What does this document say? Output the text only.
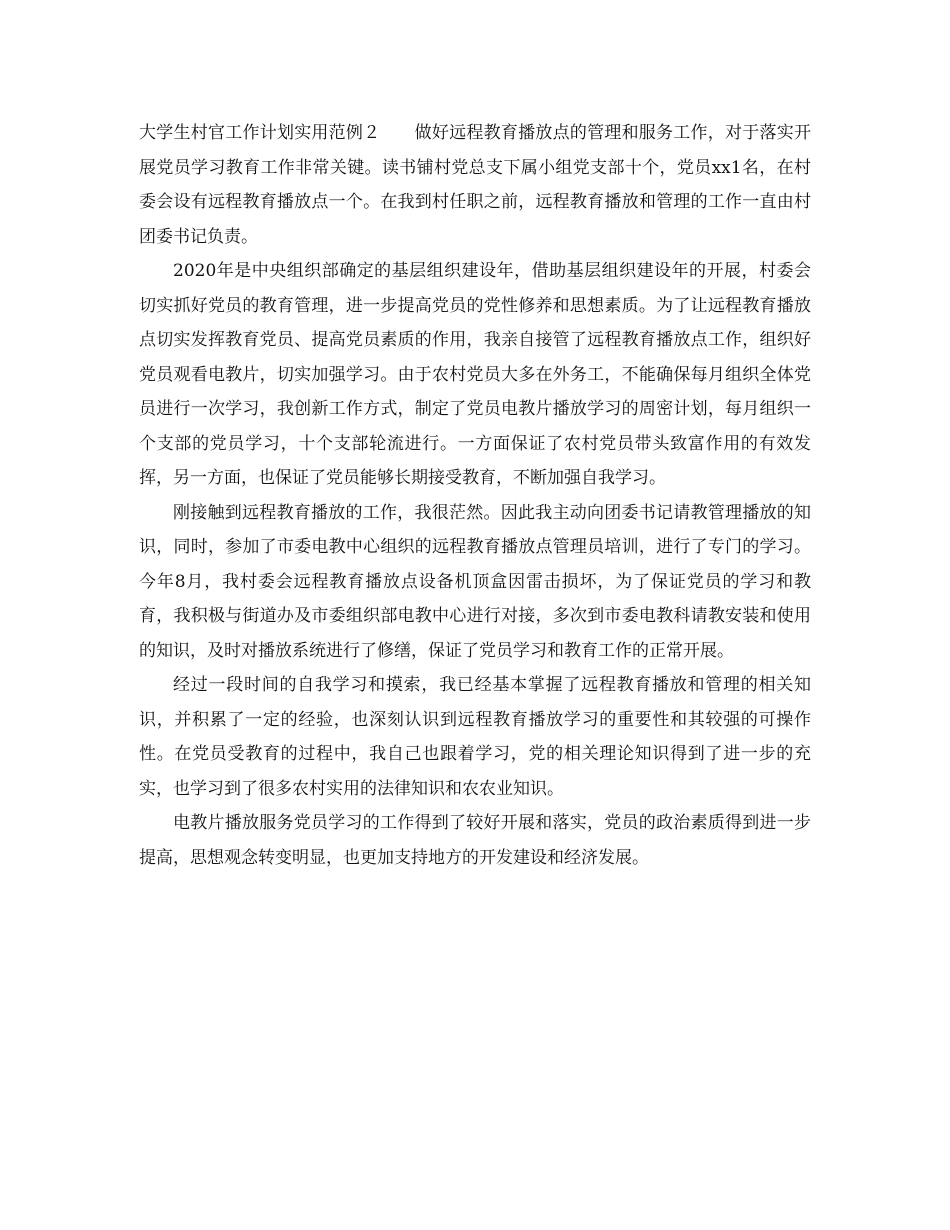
大学生村官工作计划实用范例２ 做好远程教育播放点的管理和服务工作，对于落实开展党员学习教育工作非常关键。读书铺村党总支下属小组党支部十个，党员xx1名，在村委会设有远程教育播放点一个。在我到村任职之前，远程教育播放和管理的工作一直由村团委书记负责。

2020年是中央组织部确定的基层组织建设年，借助基层组织建设年的开展，村委会切实抓好党员的教育管理，进一步提高党员的党性修养和思想素质。为了让远程教育播放点切实发挥教育党员、提高党员素质的作用，我亲自接管了远程教育播放点工作，组织好党员观看电教片，切实加强学习。由于农村党员大多在外务工，不能确保每月组织全体党员进行一次学习，我创新工作方式，制定了党员电教片播放学习的周密计划，每月组织一个支部的党员学习，十个支部轮流进行。一方面保证了农村党员带头致富作用的有效发挥，另一方面，也保证了党员能够长期接受教育，不断加强自我学习。

刚接触到远程教育播放的工作，我很茫然。因此我主动向团委书记请教管理播放的知识，同时，参加了市委电教中心组织的远程教育播放点管理员培训，进行了专门的学习。今年8月，我村委会远程教育播放点设备机顶盒因雷击损坏，为了保证党员的学习和教育，我积极与街道办及市委组织部电教中心进行对接，多次到市委电教科请教安装和使用的知识，及时对播放系统进行了修缮，保证了党员学习和教育工作的正常开展。

经过一段时间的自我学习和摸索，我已经基本掌握了远程教育播放和管理的相关知识，并积累了一定的经验，也深刻认识到远程教育播放学习的重要性和其较强的可操作性。在党员受教育的过程中，我自己也跟着学习，党的相关理论知识得到了进一步的充实，也学习到了很多农村实用的法律知识和农农业知识。

电教片播放服务党员学习的工作得到了较好开展和落实，党员的政治素质得到进一步提高，思想观念转变明显，也更加支持地方的开发建设和经济发展。
